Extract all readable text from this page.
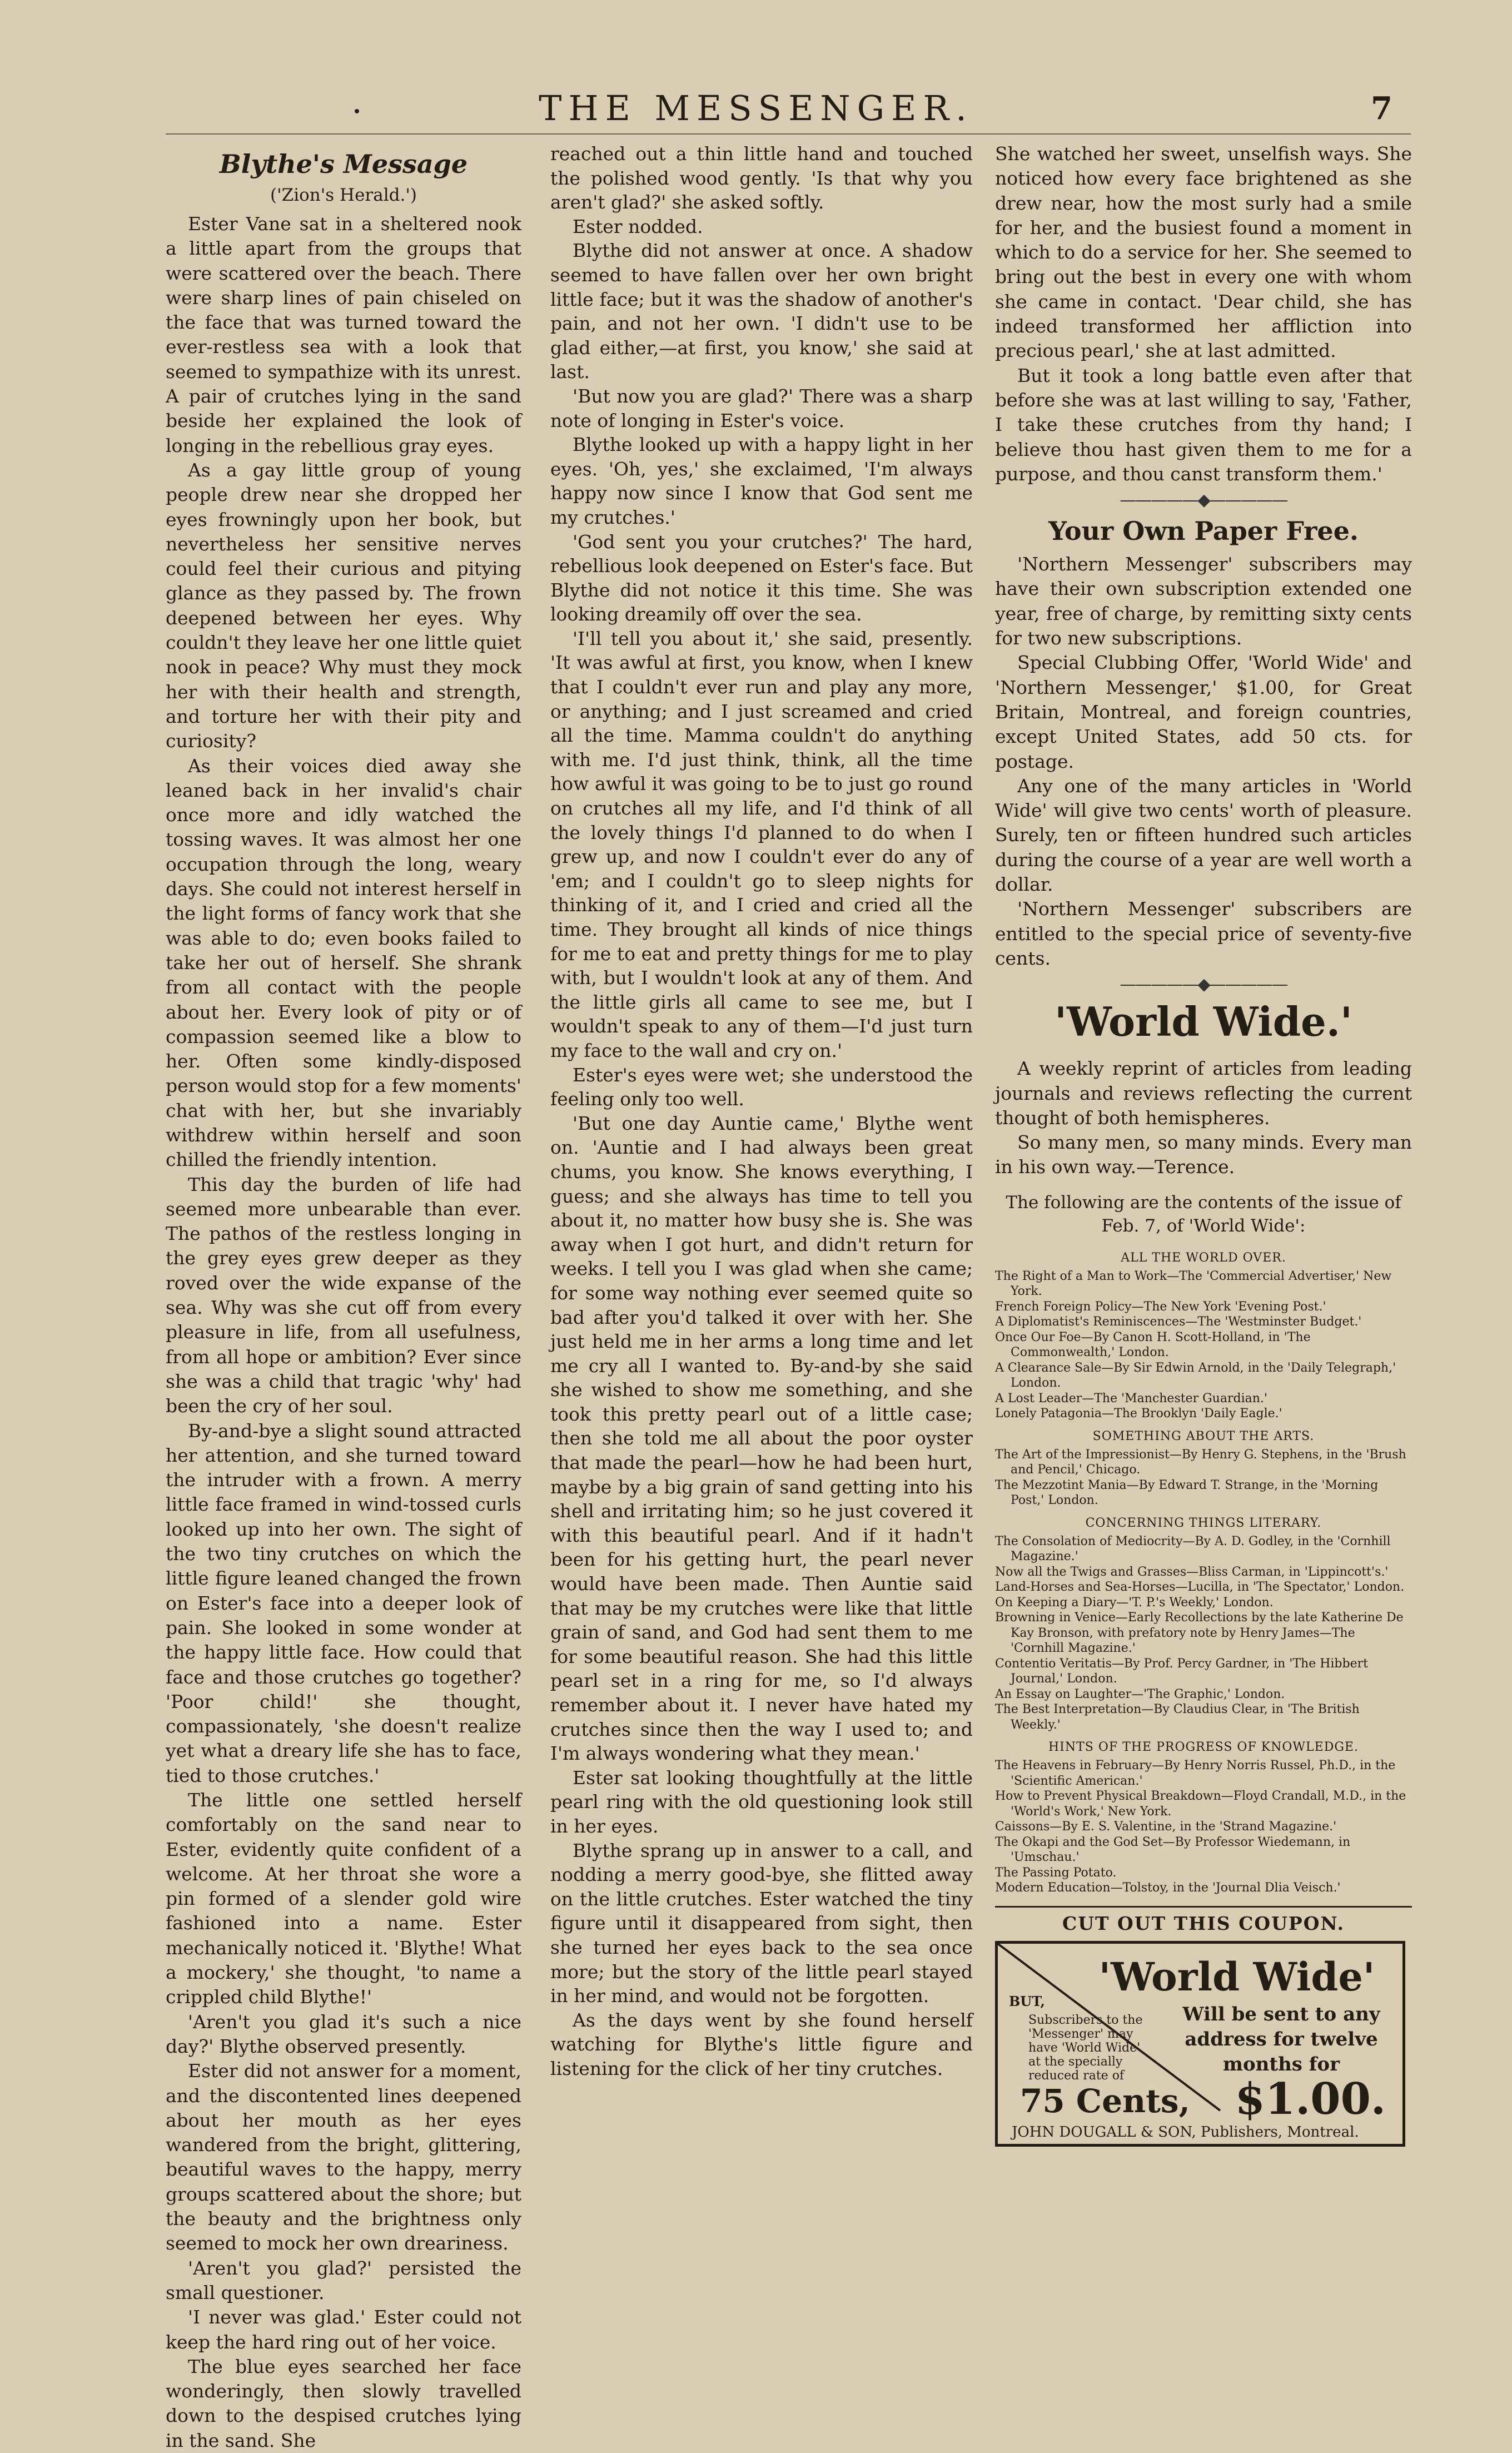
THE MESSENGER.	7
Blythe's Message
('Zion's Herald.')

Ester Vane sat in a sheltered nook a little apart from the groups that were scattered over the beach. There were sharp lines of pain chiseled on the face that was turned toward the ever-restless sea with a look that seemed to sympathize with its unrest. A pair of crutches lying in the sand beside her explained the look of longing in the rebellious gray eyes.

As a gay little group of young people drew near she dropped her eyes frowningly upon her book, but nevertheless her sensitive nerves could feel their curious and pitying glance as they passed by. The frown deepened between her eyes. Why couldn't they leave her one little quiet nook in peace? Why must they mock her with their health and strength, and torture her with their pity and curiosity?

As their voices died away she leaned back in her invalid's chair once more and idly watched the tossing waves. It was almost her one occupation through the long, weary days. She could not interest herself in the light forms of fancy work that she was able to do; even books failed to take her out of herself. She shrank from all contact with the people about her. Every look of pity or of compassion seemed like a blow to her. Often some kindly-disposed person would stop for a few moments' chat with her, but she invariably withdrew within herself and soon chilled the friendly intention.

This day the burden of life had seemed more unbearable than ever. The pathos of the restless longing in the grey eyes grew deeper as they roved over the wide expanse of the sea. Why was she cut off from every pleasure in life, from all usefulness, from all hope or ambition? Ever since she was a child that tragic 'why' had been the cry of her soul.

By-and-bye a slight sound attracted her attention, and she turned toward the intruder with a frown. A merry little face framed in wind-tossed curls looked up into her own. The sight of the two tiny crutches on which the little figure leaned changed the frown on Ester's face into a deeper look of pain. She looked in some wonder at the happy little face. How could that face and those crutches go together? 'Poor child!' she thought, compassionately, 'she doesn't realize yet what a dreary life she has to face, tied to those crutches.'

The little one settled herself comfortably on the sand near to Ester, evidently quite confident of a welcome. At her throat she wore a pin formed of a slender gold wire fashioned into a name. Ester mechanically noticed it. 'Blythe! What a mockery,' she thought, 'to name a crippled child Blythe!'

'Aren't you glad it's such a nice day?' Blythe observed presently.

Ester did not answer for a moment, and the discontented lines deepened about her mouth as her eyes wandered from the bright, glittering, beautiful waves to the happy, merry groups scattered about the shore; but the beauty and the brightness only seemed to mock her own dreariness.

'Aren't you glad?' persisted the small questioner.

'I never was glad.' Ester could not keep the hard ring out of her voice.

The blue eyes searched her face wonderingly, then slowly travelled down to the despised crutches lying in the sand. She

reached out a thin little hand and touched the polished wood gently. 'Is that why you aren't glad?' she asked softly.

Ester nodded.

Blythe did not answer at once. A shadow seemed to have fallen over her own bright little face; but it was the shadow of another's pain, and not her own. 'I didn't use to be glad either,—at first, you know,' she said at last.

'But now you are glad?' There was a sharp note of longing in Ester's voice.

Blythe looked up with a happy light in her eyes. 'Oh, yes,' she exclaimed, 'I'm always happy now since I know that God sent me my crutches.'

'God sent you your crutches?' The hard, rebellious look deepened on Ester's face. But Blythe did not notice it this time. She was looking dreamily off over the sea.

'I'll tell you about it,' she said, presently. 'It was awful at first, you know, when I knew that I couldn't ever run and play any more, or anything; and I just screamed and cried all the time. Mamma couldn't do anything with me. I'd just think, think, all the time how awful it was going to be to just go round on crutches all my life, and I'd think of all the lovely things I'd planned to do when I grew up, and now I couldn't ever do any of 'em; and I couldn't go to sleep nights for thinking of it, and I cried and cried all the time. They brought all kinds of nice things for me to eat and pretty things for me to play with, but I wouldn't look at any of them. And the little girls all came to see me, but I wouldn't speak to any of them—I'd just turn my face to the wall and cry on.'

Ester's eyes were wet; she understood the feeling only too well.

'But one day Auntie came,' Blythe went on. 'Auntie and I had always been great chums, you know. She knows everything, I guess; and she always has time to tell you about it, no matter how busy she is. She was away when I got hurt, and didn't return for weeks. I tell you I was glad when she came; for some way nothing ever seemed quite so bad after you'd talked it over with her. She just held me in her arms a long time and let me cry all I wanted to. By-and-by she said she wished to show me something, and she took this pretty pearl out of a little case; then she told me all about the poor oyster that made the pearl—how he had been hurt, maybe by a big grain of sand getting into his shell and irritating him; so he just covered it with this beautiful pearl. And if it hadn't been for his getting hurt, the pearl never would have been made. Then Auntie said that may be my crutches were like that little grain of sand, and God had sent them to me for some beautiful reason. She had this little pearl set in a ring for me, so I'd always remember about it. I never have hated my crutches since then the way I used to; and I'm always wondering what they mean.'

Ester sat looking thoughtfully at the little pearl ring with the old questioning look still in her eyes.

Blythe sprang up in answer to a call, and nodding a merry good-bye, she flitted away on the little crutches. Ester watched the tiny figure until it disappeared from sight, then she turned her eyes back to the sea once more; but the story of the little pearl stayed in her mind, and would not be forgotten.

As the days went by she found herself watching for Blythe's little figure and listening for the click of her tiny crutches.

She watched her sweet, unselfish ways. She noticed how every face brightened as she drew near, how the most surly had a smile for her, and the busiest found a moment in which to do a service for her. She seemed to bring out the best in every one with whom she came in contact. 'Dear child, she has indeed transformed her affliction into precious pearl,' she at last admitted.

But it took a long battle even after that before she was at last willing to say, 'Father, I take these crutches from thy hand; I believe thou hast given them to me for a purpose, and thou canst transform them.'

—————◆—————
Your Own Paper Free.

'Northern Messenger' subscribers may have their own subscription extended one year, free of charge, by remitting sixty cents for two new subscriptions.

Special Clubbing Offer, 'World Wide' and 'Northern Messenger,' $1.00, for Great Britain, Montreal, and foreign countries, except United States, add 50 cts. for postage.

Any one of the many articles in 'World Wide' will give two cents' worth of pleasure. Surely, ten or fifteen hundred such articles during the course of a year are well worth a dollar.

'Northern Messenger' subscribers are entitled to the special price of seventy-five cents.

—————◆—————
'World Wide.'

A weekly reprint of articles from leading journals and reviews reflecting the current thought of both hemispheres.

So many men, so many minds. Every man in his own way.—Terence.

The following are the contents of the issue of Feb. 7, of 'World Wide':

ALL THE WORLD OVER.
The Right of a Man to Work—The 'Commercial Advertiser,' New York.
French Foreign Policy—The New York 'Evening Post.'
A Diplomatist's Reminiscences—The 'Westminster Budget.'
Once Our Foe—By Canon H. Scott-Holland, in 'The Commonwealth,' London.
A Clearance Sale—By Sir Edwin Arnold, in the 'Daily Telegraph,' London.
A Lost Leader—The 'Manchester Guardian.'
Lonely Patagonia—The Brooklyn 'Daily Eagle.'
SOMETHING ABOUT THE ARTS.
The Art of the Impressionist—By Henry G. Stephens, in the 'Brush and Pencil,' Chicago.
The Mezzotint Mania—By Edward T. Strange, in the 'Morning Post,' London.
CONCERNING THINGS LITERARY.
The Consolation of Mediocrity—By A. D. Godley, in the 'Cornhill Magazine.'
Now all the Twigs and Grasses—Bliss Carman, in 'Lippincott's.'
Land-Horses and Sea-Horses—Lucilla, in 'The Spectator,' London.
On Keeping a Diary—'T. P.'s Weekly,' London.
Browning in Venice—Early Recollections by the late Katherine De Kay Bronson, with prefatory note by Henry James—The 'Cornhill Magazine.'
Contentio Veritatis—By Prof. Percy Gardner, in 'The Hibbert Journal,' London.
An Essay on Laughter—'The Graphic,' London.
The Best Interpretation—By Claudius Clear, in 'The British Weekly.'
HINTS OF THE PROGRESS OF KNOWLEDGE.
The Heavens in February—By Henry Norris Russel, Ph.D., in the 'Scientific American.'
How to Prevent Physical Breakdown—Floyd Crandall, M.D., in the 'World's Work,' New York.
Caissons—By E. S. Valentine, in the 'Strand Magazine.'
The Okapi and the God Set—By Professor Wiedemann, in 'Umschau.'
The Passing Potato.
Modern Education—Tolstoy, in the 'Journal Dlia Veisch.'
CUT OUT THIS COUPON.
'World Wide'
Will be sent to any
address for twelve
months for
$1.00.
BUT,
Subscribers to the 'Messenger' may have 'World Wide' at the specially reduced rate of
75 Cents,
JOHN DOUGALL & SON, Publishers, Montreal.
